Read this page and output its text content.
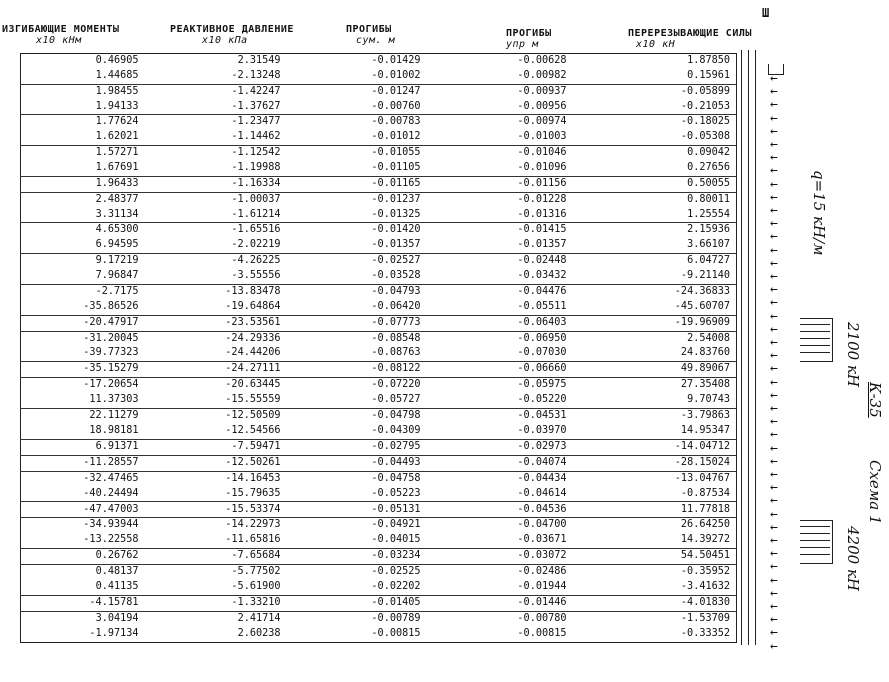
ИЗГИБАЮЩИЕ МОМЕНТЫ
x10 кНм
РЕАКТИВНОЕ ДАВЛЕНИЕ
x10 кПа
ПРОГИБЫ
сум. м
ПРОГИБЫ
упр м
ПЕРЕРЕЗЫВАЮЩИЕ СИЛЫ
x10 кН
Ш
0.46905	2.31549	-0.01429	-0.00628	1.87850
1.44685	-2.13248	-0.01002	-0.00982	0.15961
1.98455	-1.42247	-0.01247	-0.00937	-0.05899
1.94133	-1.37627	-0.00760	-0.00956	-0.21053
1.77624	-1.23477	-0.00783	-0.00974	-0.18025
1.62021	-1.14462	-0.01012	-0.01003	-0.05308
1.57271	-1.12542	-0.01055	-0.01046	0.09042
1.67691	-1.19988	-0.01105	-0.01096	0.27656
1.96433	-1.16334	-0.01165	-0.01156	0.50055
2.48377	-1.00037	-0.01237	-0.01228	0.80011
3.31134	-1.61214	-0.01325	-0.01316	1.25554
4.65300	-1.65516	-0.01420	-0.01415	2.15936
6.94595	-2.02219	-0.01357	-0.01357	3.66107
9.17219	-4.26225	-0.02527	-0.02448	6.04727
7.96847	-3.55556	-0.03528	-0.03432	-9.21140
-2.7175	-13.83478	-0.04793	-0.04476	-24.36833
-35.86526	-19.64864	-0.06420	-0.05511	-45.60707
-20.47917	-23.53561	-0.07773	-0.06403	-19.96909
-31.20045	-24.29336	-0.08548	-0.06950	2.54008
-39.77323	-24.44206	-0.08763	-0.07030	24.83760
-35.15279	-24.27111	-0.08122	-0.06660	49.89067
-17.20654	-20.63445	-0.07220	-0.05975	27.35408
11.37303	-15.55559	-0.05727	-0.05220	9.70743
22.11279	-12.50509	-0.04798	-0.04531	-3.79863
18.98181	-12.54566	-0.04309	-0.03970	14.95347
6.91371	-7.59471	-0.02795	-0.02973	-14.04712
-11.28557	-12.50261	-0.04493	-0.04074	-28.15024
-32.47465	-14.16453	-0.04758	-0.04434	-13.04767
-40.24494	-15.79635	-0.05223	-0.04614	-0.87534
-47.47003	-15.53374	-0.05131	-0.04536	11.77818
-34.93944	-14.22973	-0.04921	-0.04700	26.64250
-13.22558	-11.65816	-0.04015	-0.03671	14.39272
0.26762	-7.65684	-0.03234	-0.03072	54.50451
0.48137	-5.77502	-0.02525	-0.02486	-0.35952
0.41135	-5.61900	-0.02202	-0.01944	-3.41632
-4.15781	-1.33210	-0.01405	-0.01446	-4.01830
3.04194	2.41714	-0.00789	-0.00780	-1.53709
-1.97134	2.60238	-0.00815	-0.00815	-0.33352
←
←
←
←
←
←
←
←
←
←
←
←
←
←
←
←
←
←
←
←
←
←
←
←
←
←
←
←
←
←
←
←
←
←
←
←
←
←
←
←
←
←
←
←
q=15 кН/м
2100 кН
К-35
Схема 1
4200 кН
